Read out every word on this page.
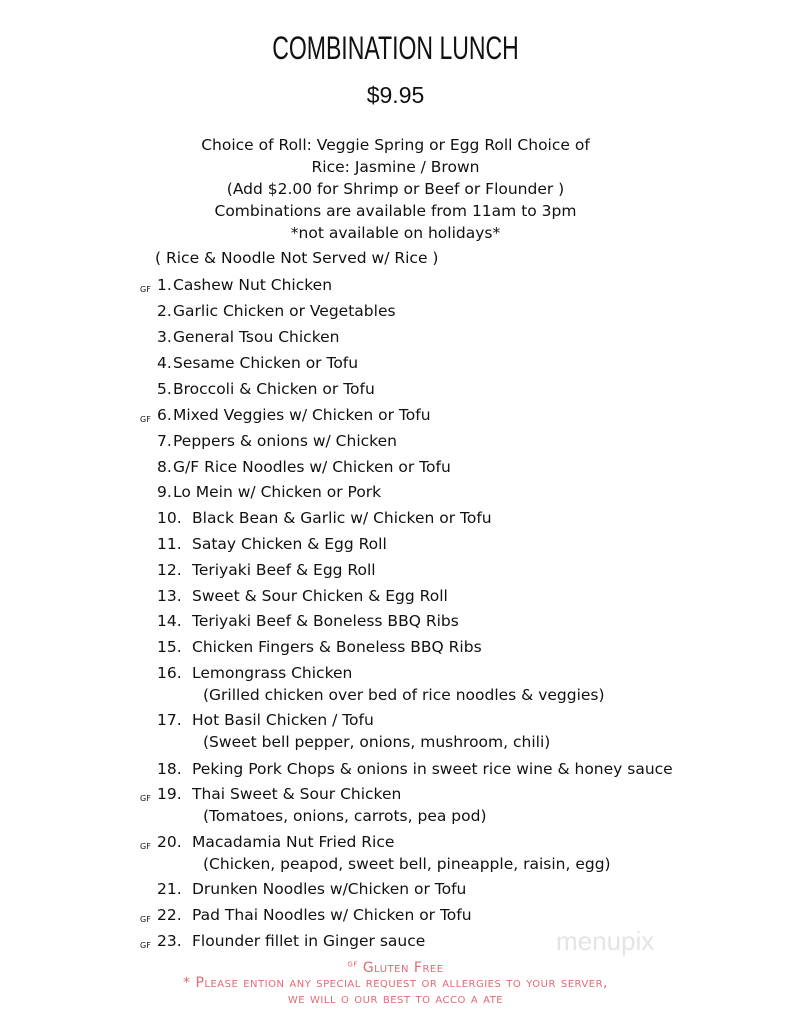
COMBINATION LUNCH
$9.95
Choice of Roll: Veggie Spring or Egg Roll Choice of
Rice: Jasmine / Brown
(Add $2.00 for Shrimp or Beef or Flounder )
Combinations are available from 11am to 3pm
*not available on holidays*
( Rice & Noodle Not Served w/ Rice )
GF 1. Cashew Nut Chicken
2. Garlic Chicken or Vegetables
3. General Tsou Chicken
4. Sesame Chicken or Tofu
5. Broccoli & Chicken or Tofu
GF 6. Mixed Veggies w/ Chicken or Tofu
7. Peppers & onions w/ Chicken
8. G/F Rice Noodles w/ Chicken or Tofu
9. Lo Mein w/ Chicken or Pork
10. Black Bean & Garlic w/ Chicken or Tofu
11. Satay Chicken & Egg Roll
12. Teriyaki Beef & Egg Roll
13. Sweet & Sour Chicken & Egg Roll
14. Teriyaki Beef & Boneless BBQ Ribs
15. Chicken Fingers & Boneless BBQ Ribs
16. Lemongrass Chicken
(Grilled chicken over bed of rice noodles & veggies)
17. Hot Basil Chicken / Tofu
(Sweet bell pepper, onions, mushroom, chili)
18. Peking Pork Chops & onions in sweet rice wine & honey sauce
GF 19. Thai Sweet & Sour Chicken
(Tomatoes, onions, carrots, pea pod)
GF 20. Macadamia Nut Fried Rice
(Chicken, peapod, sweet bell, pineapple, raisin, egg)
21. Drunken Noodles w/Chicken or Tofu
GF 22. Pad Thai Noodles w/ Chicken or Tofu
GF 23. Flounder fillet in Ginger sauce
$^{GF}$ Gluten Free
* Please ention any special request or allergies to your server,
we will o our best to acco a ate
menupix
